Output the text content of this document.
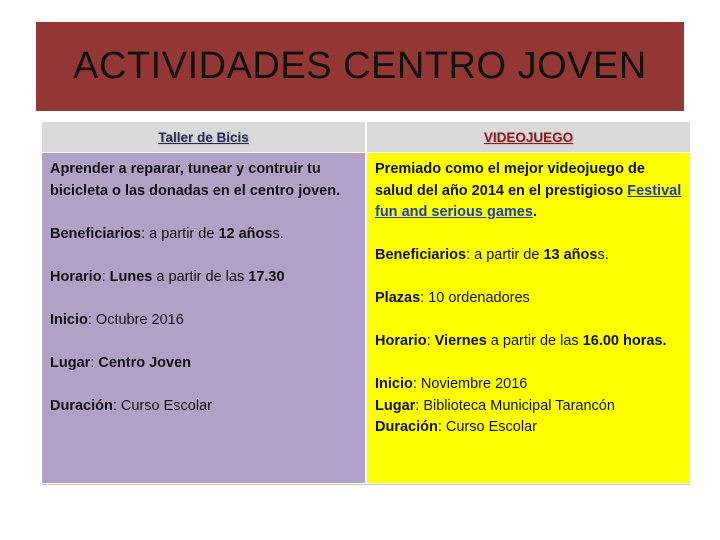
ACTIVIDADES CENTRO JOVEN
Taller de Bicis	VIDEOJUEGO

Aprender a reparar, tunear y contruir tu bicicleta o las donadas en el centro joven.

Beneficiarios: a partir de 12 añoss.

Horario: Lunes a partir de las 17.30

Inicio: Octubre 2016

Lugar: Centro Joven

Duración: Curso Escolar

Premiado como el mejor videojuego de salud del año 2014 en el prestigioso Festival fun and serious games.

Beneficiarios: a partir de 13 añoss.

Plazas: 10 ordenadores

Horario: Viernes a partir de las 16.00 horas.

Inicio: Noviembre 2016

Lugar: Biblioteca Municipal Tarancón

Duración: Curso Escolar
